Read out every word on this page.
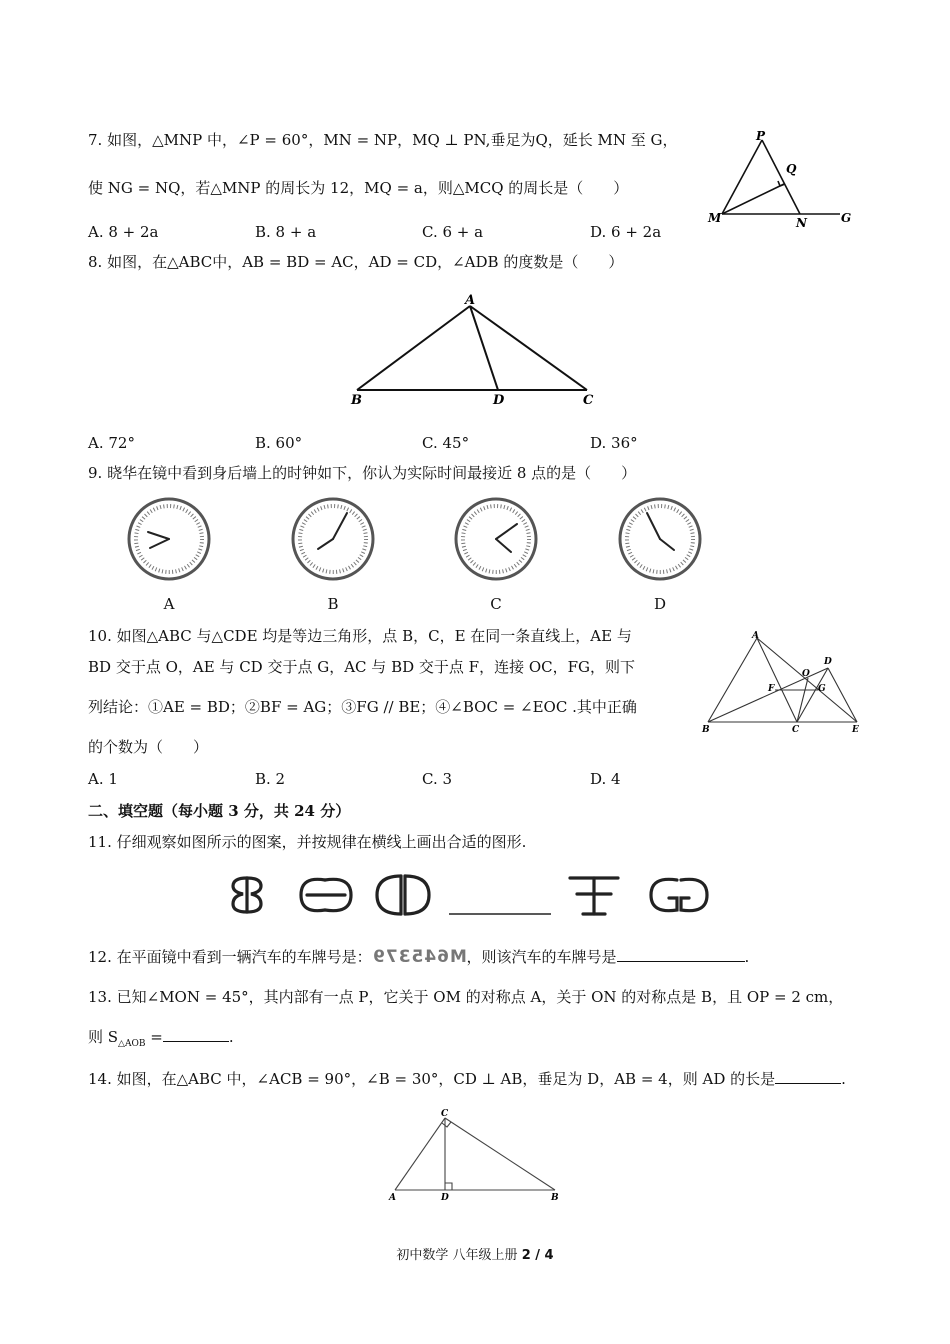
7. 如图，△MNP 中，∠P = 60°，MN = NP，MQ ⊥ PN,垂足为Q，延长 MN 至 G，
使 NG = NQ，若△MNP 的周长为 12，MQ = a，则△MCQ 的周长是（　　）
A. 8 + 2a	B. 8 + a	C. 6 + a	D. 6 + 2a
P
Q
M	N	G
8. 如图，在△ABC中，AB = BD = AC，AD = CD，∠ADB 的度数是（　　）
A
B	D	C
A. 72°	B. 60°	C. 45°	D. 36°
9. 晓华在镜中看到身后墙上的时钟如下，你认为实际时间最接近 8 点的是（　　）
A	B	C	D
10. 如图△ABC 与△CDE 均是等边三角形，点 B，C，E 在同一条直线上，AE 与
BD 交于点 O，AE 与 CD 交于点 G，AC 与 BD 交于点 F，连接 OC，FG，则下
列结论：①AE = BD；②BF = AG；③FG // BE；④∠BOC = ∠EOC .其中正确
的个数为（　　）
A. 1	B. 2	C. 3	D. 4
A
D
O
F	G
B	C	E
二、填空题（每小题 3 分，共 24 分）
11. 仔细观察如图所示的图案，并按规律在横线上画出合适的图形.
12. 在平面镜中看到一辆汽车的车牌号是：M645379，则该汽车的车牌号是	.
13. 已知∠MON = 45°，其内部有一点 P，它关于 OM 的对称点 A，关于 ON 的对称点是 B，且 OP = 2 cm，
则 $S_{\triangle AOB}$ =	.
14. 如图，在△ABC 中，∠ACB = 90°，∠B = 30°，CD ⊥ AB，垂足为 D，AB = 4，则 AD 的长是	.
C
A	D	B
初中数学 八年级上册 2 / 4
